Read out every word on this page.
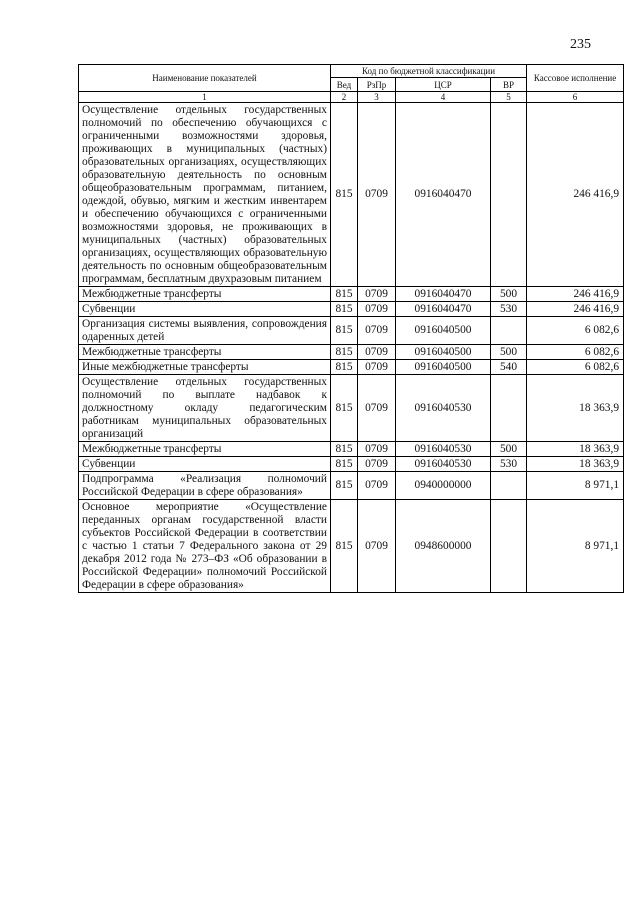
235
Наименование показателей	Код по бюджетной классификации				Кассовое исполнение
	Вед	РзПр	ЦСР	ВР	
1	2	3	4	5	6
Осуществление отдельных государственных полномочий по обеспечению обучающихся с ограниченными возможностями здоровья, проживающих в муниципальных (частных) образовательных организациях, осуществляющих образовательную деятельность по основным общеобразовательным программам, питанием, одеждой, обувью, мягким и жестким инвентарем и обеспечению обучающихся с ограниченными возможностями здоровья, не проживающих в муниципальных (частных) образовательных организациях, осуществляющих образовательную деятельность по основным общеобразовательным программам, бесплатным двухразовым питанием	815	0709	0916040470		246 416,9
Межбюджетные трансферты	815	0709	0916040470	500	246 416,9
Субвенции	815	0709	0916040470	530	246 416,9
Организация системы выявления, сопровождения одаренных детей	815	0709	0916040500		6 082,6
Межбюджетные трансферты	815	0709	0916040500	500	6 082,6
Иные межбюджетные трансферты	815	0709	0916040500	540	6 082,6
Осуществление отдельных государственных полномочий по выплате надбавок к должностному окладу педагогическим работникам муниципальных образовательных организаций	815	0709	0916040530		18 363,9
Межбюджетные трансферты	815	0709	0916040530	500	18 363,9
Субвенции	815	0709	0916040530	530	18 363,9
Подпрограмма «Реализация полномочий Российской Федерации в сфере образования»	815	0709	0940000000		8 971,1
Основное мероприятие «Осуществление переданных органам государственной власти субъектов Российской Федерации в соответствии с частью 1 статьи 7 Федерального закона от 29 декабря 2012 года № 273–ФЗ «Об образовании в Российской Федерации» полномочий Российской Федерации в сфере образования»	815	0709	0948600000		8 971,1
